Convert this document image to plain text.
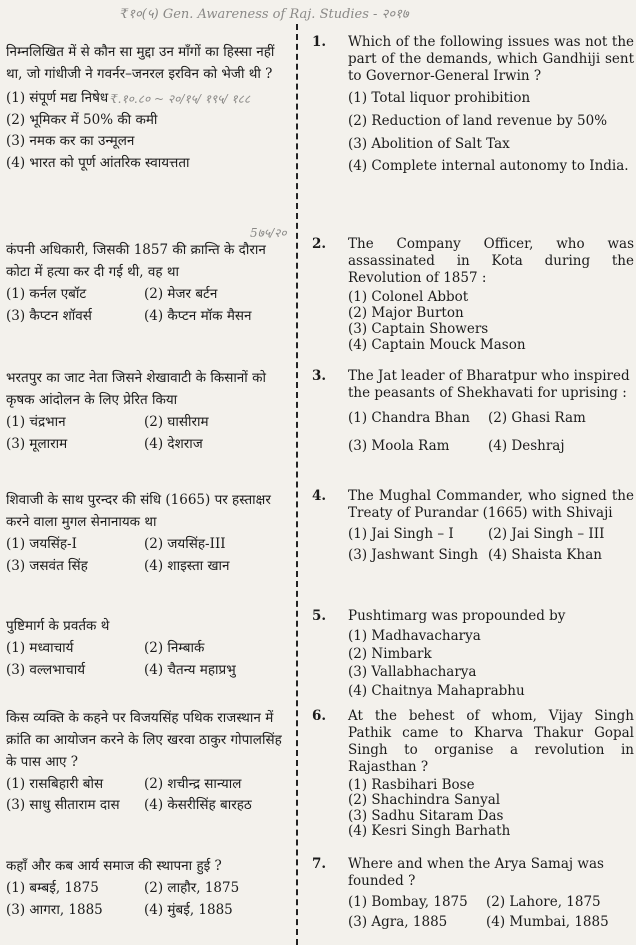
₹१०(५) Gen. Awareness of Raj. Studies - २०१७
₹.१०.८० ~ २०/१५/ १९५/ १८८
5७५/२०

निम्नलिखित में से कौन सा मुद्दा उन माँगों का हिस्सा नहीं था, जो गांधीजी ने गवर्नर–जनरल इरविन को भेजी थी ?

(1) संपूर्ण मद्य निषेध
(2) भूमिकर में 50% की कमी
(3) नमक कर का उन्मूलन
(4) भारत को पूर्ण आंतरिक स्वायत्तता

कंपनी अधिकारी, जिसकी 1857 की क्रान्ति के दौरान कोटा में हत्या कर दी गई थी, वह था

(1) कर्नल एबॉट	(2) मेजर बर्टन
(3) कैप्टन शॉवर्स	(4) कैप्टन मॉक मैसन

भरतपुर का जाट नेता जिसने शेखावाटी के किसानों को कृषक आंदोलन के लिए प्रेरित किया

(1) चंद्रभान	(2) घासीराम
(3) मूलाराम	(4) देशराज

शिवाजी के साथ पुरन्दर की संधि (1665) पर हस्ताक्षर करने वाला मुगल सेनानायक था

(1) जयसिंह-I	(2) जयसिंह-III
(3) जसवंत सिंह	(4) शाइस्ता खान

पुष्टिमार्ग के प्रवर्तक थे

(1) मध्वाचार्य	(2) निम्बार्क
(3) वल्लभाचार्य	(4) चैतन्य महाप्रभु

किस व्यक्ति के कहने पर विजयसिंह पथिक राजस्थान में क्रांति का आयोजन करने के लिए खरवा ठाकुर गोपालसिंह के पास आए ?

(1) रासबिहारी बोस	(2) शचीन्द्र सान्याल
(3) साधु सीताराम दास	(4) केसरीसिंह बारहठ

कहाँ और कब आर्य समाज की स्थापना हुई ?

(1) बम्बई, 1875	(2) लाहौर, 1875
(3) आगरा, 1885	(4) मुंबई, 1885
1.	Which of the following issues was not the part of the demands, which Gandhiji sent to Governor-General Irwin ?

(1) Total liquor prohibition
(2) Reduction of land revenue by 50%
(3) Abolition of Salt Tax
(4) Complete internal autonomy to India.
2.	The Company Officer, who was assassinated in Kota during the Revolution of 1857 :

(1) Colonel Abbot
(2) Major Burton
(3) Captain Showers
(4) Captain Mouck Mason
3.	The Jat leader of Bharatpur who inspired the peasants of Shekhavati for uprising :

(1) Chandra Bhan	(2) Ghasi Ram
(3) Moola Ram	(4) Deshraj
4.	The Mughal Commander, who signed the Treaty of Purandar (1665) with Shivaji

(1) Jai Singh – I	(2) Jai Singh – III
(3) Jashwant Singh (4) Shaista Khan
5.	Pushtimarg was propounded by

(1) Madhavacharya
(2) Nimbark
(3) Vallabhacharya
(4) Chaitnya Mahaprabhu
6.	At the behest of whom, Vijay Singh Pathik came to Kharva Thakur Gopal Singh to organise a revolution in Rajasthan ?

(1) Rasbihari Bose
(2) Shachindra Sanyal
(3) Sadhu Sitaram Das
(4) Kesri Singh Barhath
7.	Where and when the Arya Samaj was founded ?

(1) Bombay, 1875	(2) Lahore, 1875
(3) Agra, 1885	(4) Mumbai, 1885
